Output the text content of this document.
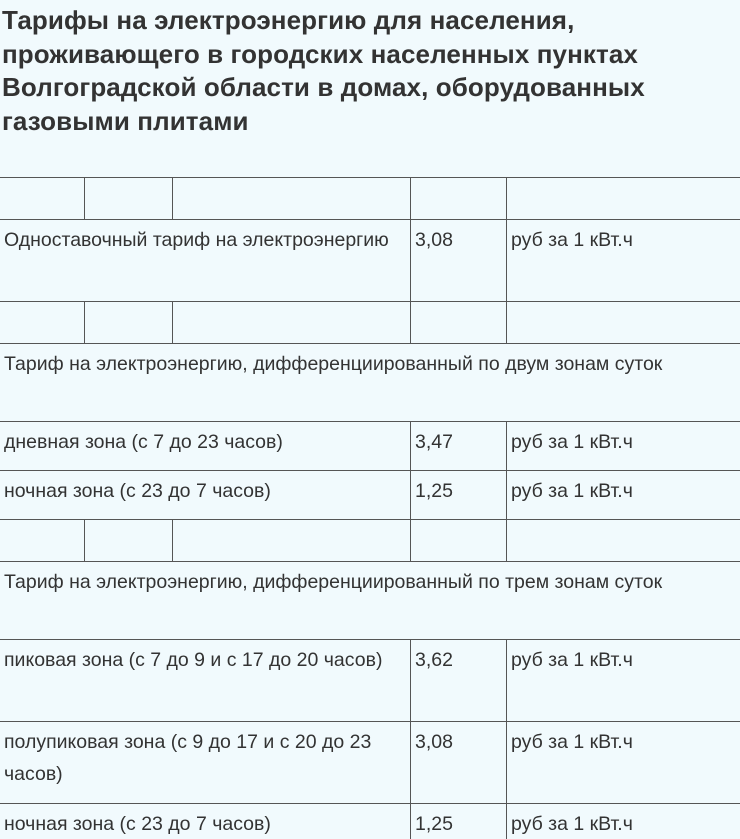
Тарифы на электроэнергию для населения, проживающего в городских населенных пунктах Волгоградской области в домах, оборудованных газовыми плитами

Одноставочный тариф на электроэнергию			3,08	руб за 1 кВт.ч

Тариф на электроэнергию, дифференциированный по двум зонам суток				
дневная зона (с 7 до 23 часов)			3,47	руб за 1 кВт.ч
ночная зона (с 23 до 7 часов)			1,25	руб за 1 кВт.ч

Тариф на электроэнергию, дифференциированный по трем зонам суток				
пиковая зона (с 7 до 9 и с 17 до 20 часов)			3,62	руб за 1 кВт.ч
полупиковая зона (с 9 до 17 и с 20 до 23 часов)			3,08	руб за 1 кВт.ч
ночная зона (с 23 до 7 часов)			1,25	руб за 1 кВт.ч
